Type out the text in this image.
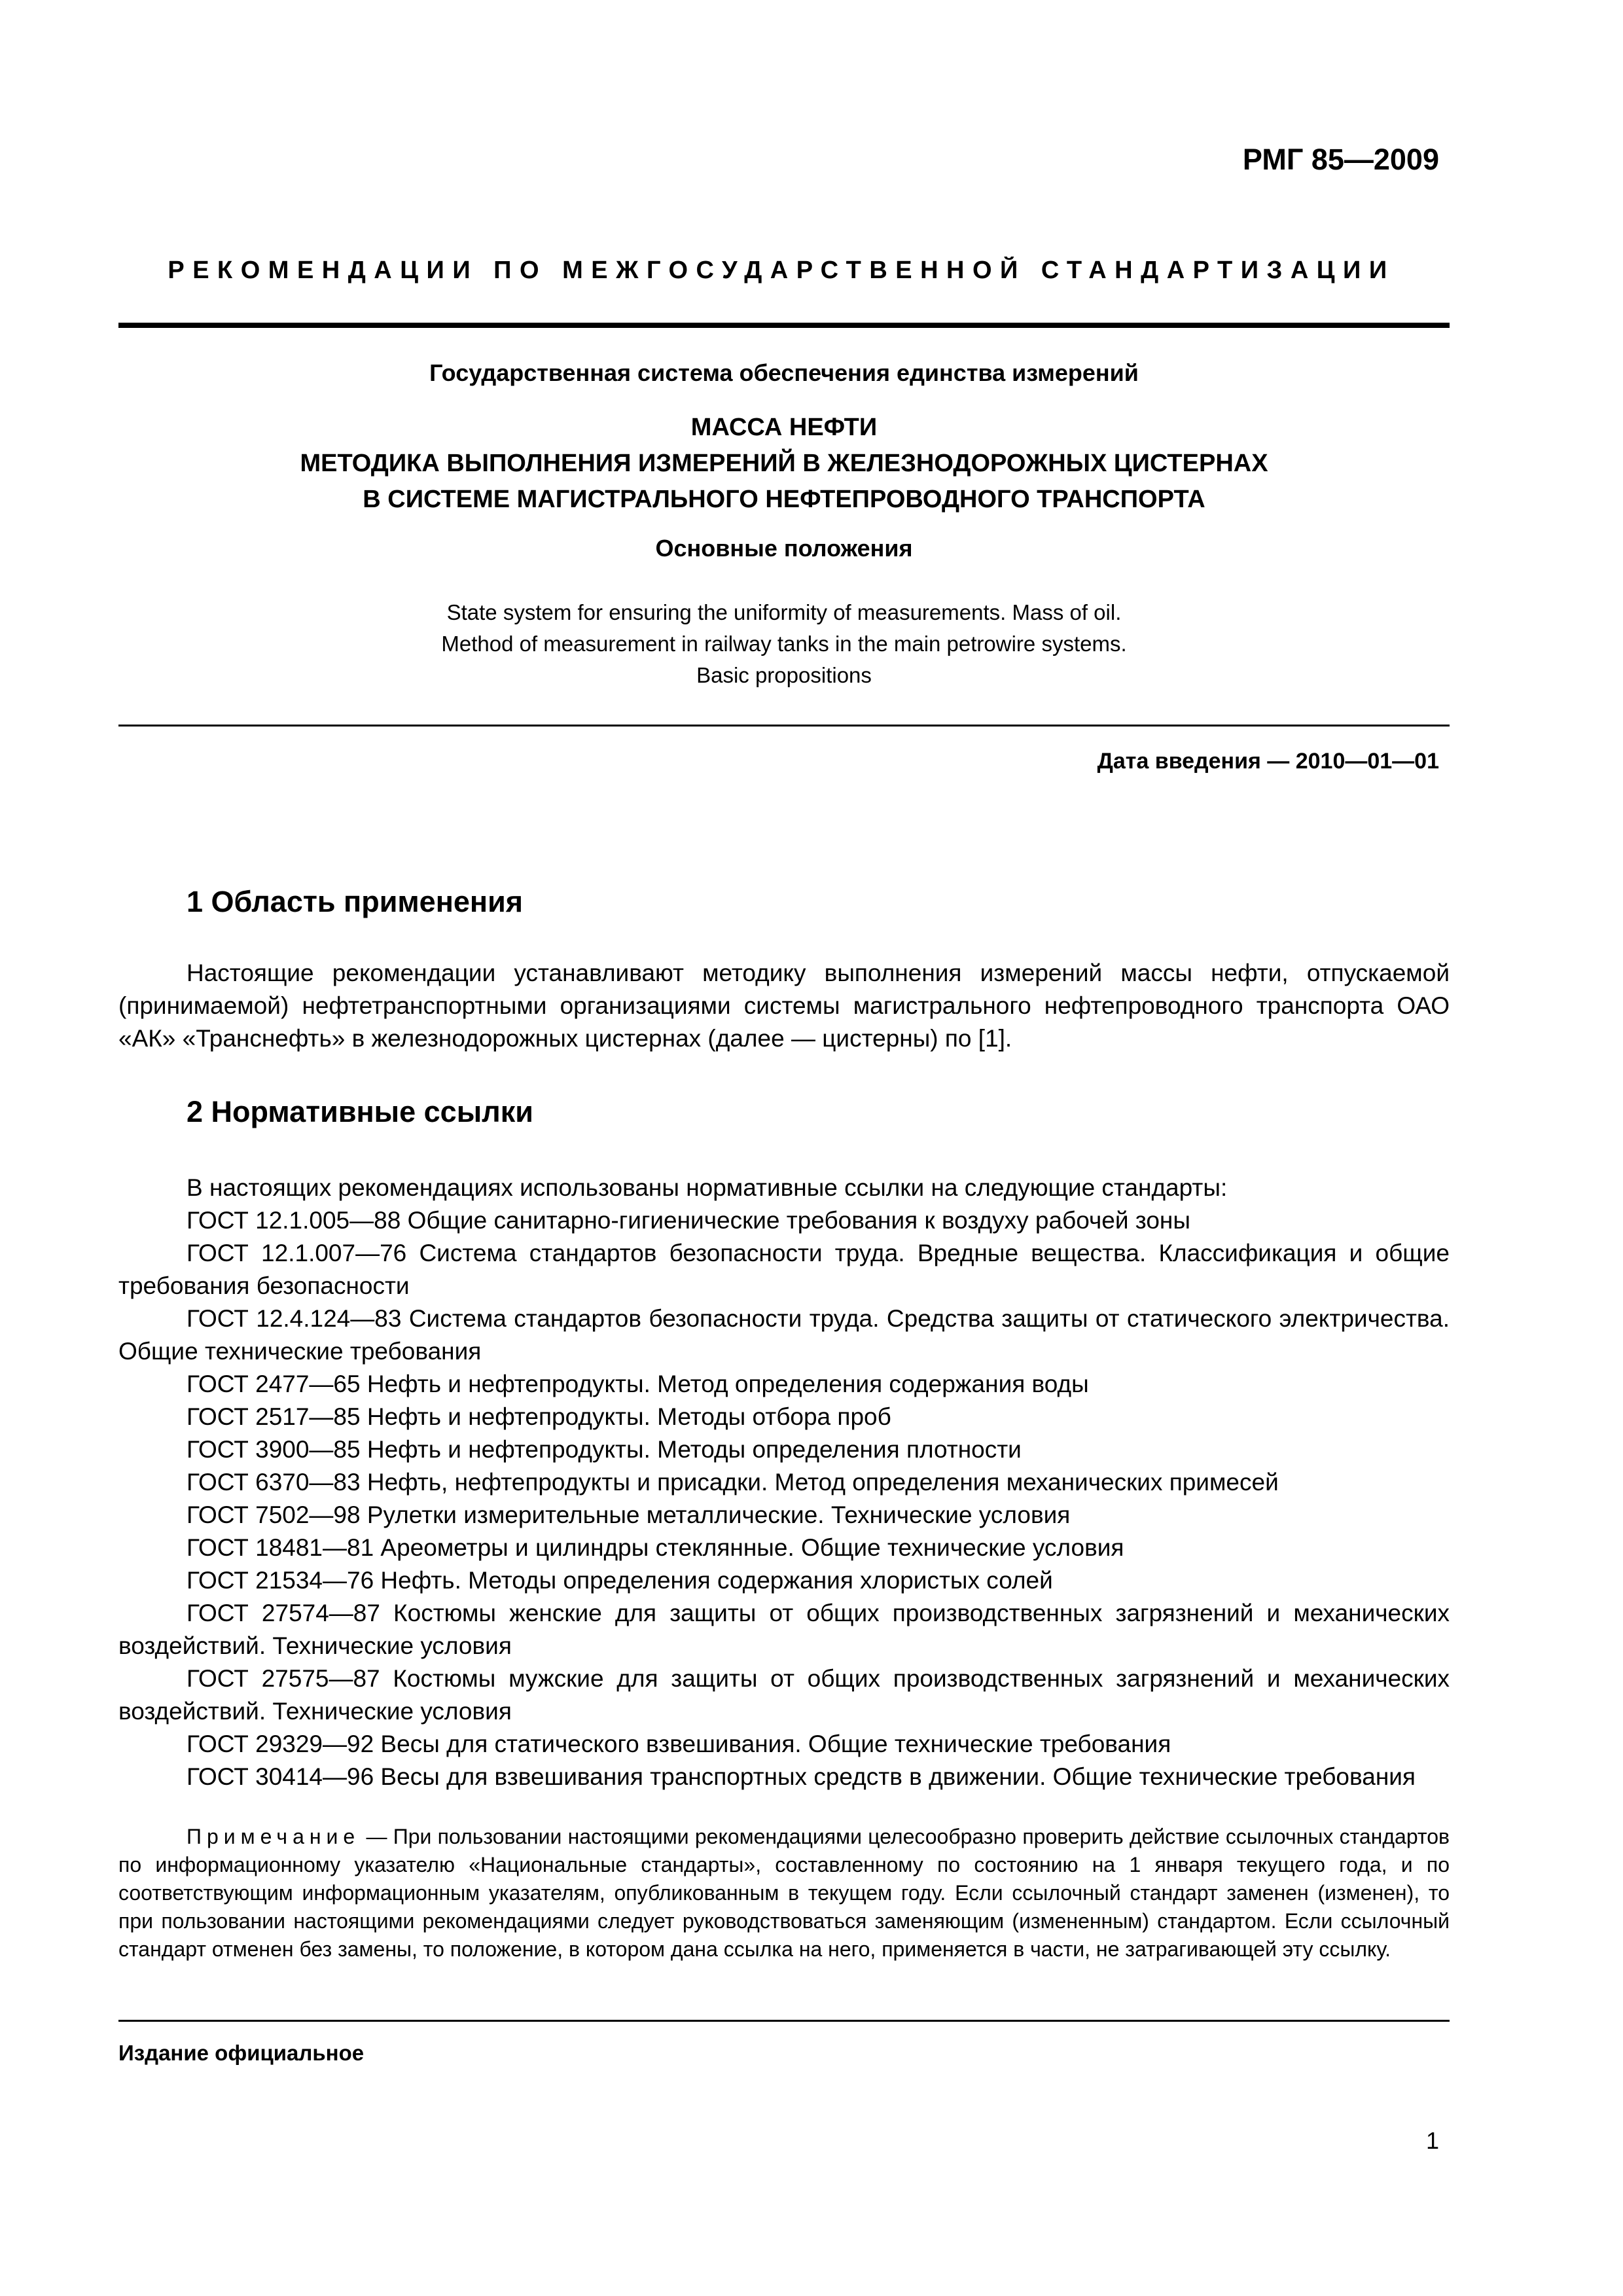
РМГ 85—2009
РЕКОМЕНДАЦИИ ПО МЕЖГОСУДАРСТВЕННОЙ СТАНДАРТИЗАЦИИ
Государственная система обеспечения единства измерений
МАССА НЕФТИ
МЕТОДИКА ВЫПОЛНЕНИЯ ИЗМЕРЕНИЙ В ЖЕЛЕЗНОДОРОЖНЫХ ЦИСТЕРНАХ
В СИСТЕМЕ МАГИСТРАЛЬНОГО НЕФТЕПРОВОДНОГО ТРАНСПОРТА
Основные положения
State system for ensuring the uniformity of measurements. Mass of oil.
Method of measurement in railway tanks in the main petrowire systems.
Basic propositions
Дата введения — 2010—01—01
1 Область применения

Настоящие рекомендации устанавливают методику выполнения измерений массы нефти, отпускаемой (принимаемой) нефтетранспортными организациями системы магистрального нефтепроводного транспорта ОАО «АК» «Транснефть» в железнодорожных цистернах (далее — цистерны) по [1].

2 Нормативные ссылки

В настоящих рекомендациях использованы нормативные ссылки на следующие стандарты:

ГОСТ 12.1.005—88 Общие санитарно-гигиенические требования к воздуху рабочей зоны

ГОСТ 12.1.007—76 Система стандартов безопасности труда. Вредные вещества. Классификация и общие требования безопасности

ГОСТ 12.4.124—83 Система стандартов безопасности труда. Средства защиты от статического электричества. Общие технические требования

ГОСТ 2477—65 Нефть и нефтепродукты. Метод определения содержания воды

ГОСТ 2517—85 Нефть и нефтепродукты. Методы отбора проб

ГОСТ 3900—85 Нефть и нефтепродукты. Методы определения плотности

ГОСТ 6370—83 Нефть, нефтепродукты и присадки. Метод определения механических примесей

ГОСТ 7502—98 Рулетки измерительные металлические. Технические условия

ГОСТ 18481—81 Ареометры и цилиндры стеклянные. Общие технические условия

ГОСТ 21534—76 Нефть. Методы определения содержания хлористых солей

ГОСТ 27574—87 Костюмы женские для защиты от общих производственных загрязнений и механических воздействий. Технические условия

ГОСТ 27575—87 Костюмы мужские для защиты от общих производственных загрязнений и механических воздействий. Технические условия

ГОСТ 29329—92 Весы для статического взвешивания. Общие технические требования

ГОСТ 30414—96 Весы для взвешивания транспортных средств в движении. Общие технические требования

Примечание — При пользовании настоящими рекомендациями целесообразно проверить действие ссылочных стандартов по информационному указателю «Национальные стандарты», составленному по состоянию на 1 января текущего года, и по соответствующим информационным указателям, опубликованным в текущем году. Если ссылочный стандарт заменен (изменен), то при пользовании настоящими рекомендациями следует руководствоваться заменяющим (измененным) стандартом. Если ссылочный стандарт отменен без замены, то положение, в котором дана ссылка на него, применяется в части, не затрагивающей эту ссылку.

Издание официальное
1
